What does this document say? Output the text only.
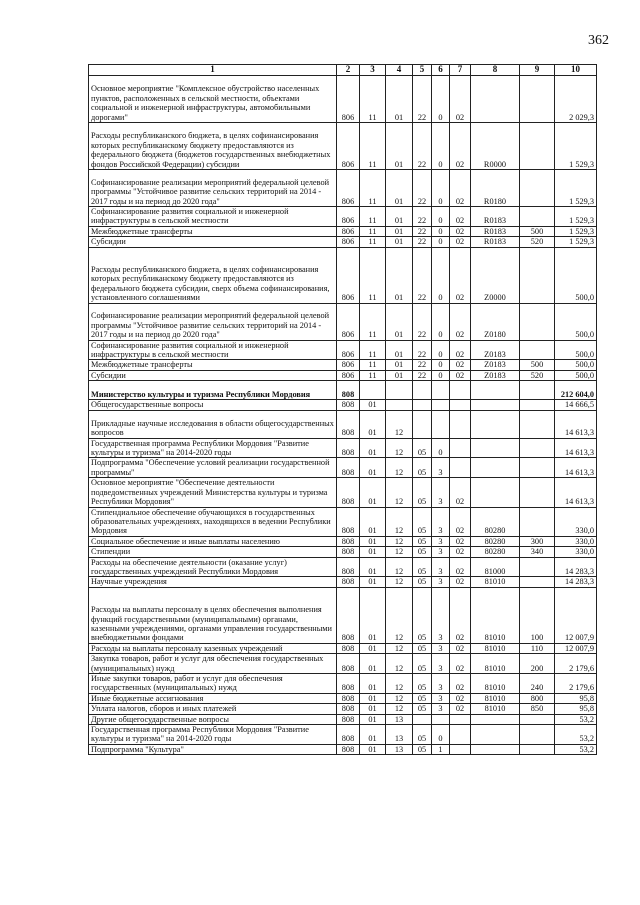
362
1	2	3	4	5	6	7	8	9	10
Основное мероприятие "Комплексное обустройство населенных пунктов, расположенных в сельской местности, объектами социальной и инженерной инфраструктуры, автомобильными дорогами"	806	11	01	22	0	02			2 029,3
Расходы республиканского бюджета, в целях софинансирования которых республиканскому бюджету предоставляются из федерального бюджета (бюджетов государственных внебюджетных фондов Российской Федерации) субсидии	806	11	01	22	0	02	R0000		1 529,3
Софинансирование реализации мероприятий федеральной целевой программы "Устойчивое развитие сельских территорий на 2014 - 2017 годы и на период до 2020 года"	806	11	01	22	0	02	R0180		1 529,3
Софинансирование развития социальной и инженерной инфраструктуры в сельской местности	806	11	01	22	0	02	R0183		1 529,3
Межбюджетные трансферты	806	11	01	22	0	02	R0183	500	1 529,3
Субсидии	806	11	01	22	0	02	R0183	520	1 529,3
Расходы республиканского бюджета, в целях софинансирования которых республиканскому бюджету предоставляются из федерального бюджета субсидии, сверх объема софинансирования, установленного соглашениями	806	11	01	22	0	02	Z0000		500,0
Софинансирование реализации мероприятий федеральной целевой программы "Устойчивое развитие сельских территорий на 2014 - 2017 годы и на период до 2020 года"	806	11	01	22	0	02	Z0180		500,0
Софинансирование развития социальной и инженерной инфраструктуры в сельской местности	806	11	01	22	0	02	Z0183		500,0
Межбюджетные трансферты	806	11	01	22	0	02	Z0183	500	500,0
Субсидии	806	11	01	22	0	02	Z0183	520	500,0
Министерство культуры и туризма Республики Мордовия	808								212 604,0
Общегосударственные вопросы	808	01							14 666,5
Прикладные научные исследования в области общегосударственных вопросов	808	01	12						14 613,3
Государственная программа Республики Мордовия "Развитие культуры и туризма" на 2014-2020 годы	808	01	12	05	0				14 613,3
Подпрограмма "Обеспечение условий реализации государственной программы"	808	01	12	05	3				14 613,3
Основное мероприятие "Обеспечение деятельности подведомственных учреждений Министерства культуры и туризма Республики Мордовия"	808	01	12	05	3	02			14 613,3
Стипендиальное обеспечение обучающихся в государственных образовательных учреждениях, находящихся в ведении Республики Мордовия	808	01	12	05	3	02	80280		330,0
Социальное обеспечение и иные выплаты населению	808	01	12	05	3	02	80280	300	330,0
Стипендии	808	01	12	05	3	02	80280	340	330,0
Расходы на обеспечение деятельности (оказание услуг) государственных учреждений Республики Мордовия	808	01	12	05	3	02	81000		14 283,3
Научные учреждения	808	01	12	05	3	02	81010		14 283,3
Расходы на выплаты персоналу в целях обеспечения выполнения функций государственными (муниципальными) органами, казенными учреждениями, органами управления государственными внебюджетными фондами	808	01	12	05	3	02	81010	100	12 007,9
Расходы на выплаты персоналу казенных учреждений	808	01	12	05	3	02	81010	110	12 007,9
Закупка товаров, работ и услуг для обеспечения государственных (муниципальных) нужд	808	01	12	05	3	02	81010	200	2 179,6
Иные закупки товаров, работ и услуг для обеспечения государственных (муниципальных) нужд	808	01	12	05	3	02	81010	240	2 179,6
Иные бюджетные ассигнования	808	01	12	05	3	02	81010	800	95,8
Уплата налогов, сборов и иных платежей	808	01	12	05	3	02	81010	850	95,8
Другие общегосударственные вопросы	808	01	13						53,2
Государственная программа Республики Мордовия "Развитие культуры и туризма" на 2014-2020 годы	808	01	13	05	0				53,2
Подпрограмма "Культура"	808	01	13	05	1				53,2
